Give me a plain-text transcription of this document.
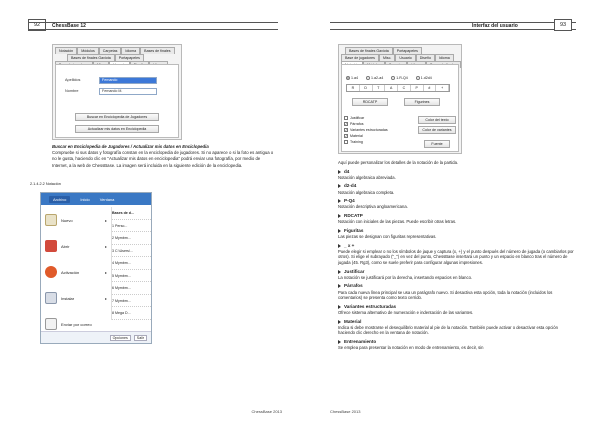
92	ChessBase 12
Notación	Módulos	Carpetas	Idioma	Bases de finales
Bases de finales Gaviota	Portapapeles
Apellidos	Fernando
Nombre	Fernando M.
Buscar en Enciclopedia de Jugadores
Actualizar mis datos en Enciclopedia
Buscar en Enciclopedia de Jugadores / Actualizar mis datos en Enciclopedia
Compruebe si sus datos y fotografía constan en la enciclopedia de jugadores. Si no aparece o si la foto es antigua o no le gusta, haciendo clic en "Actualizar mis datos en enciclopedia" podrá enviar una fotografía, por medio de Internet, a la web de ChessBase. La imagen será incluida en la siguiente edición de la enciclopedia.
2.1.4.2.2 Notación
Archivo	Inicio	Ventana
Nuevo	▸
Abrir	▸
Activación	▸
Instalar	▸
Enviar por correo
Bases de d...
1 Perso...
2 Mymbm...
3 C:\Users\...
4 Mymbm...
5 Mymbm...
6 Mymbm...
7 Mymbm...
8 Mega D...
Opciones	Salir
ChessBase 2013
Interfaz del usuario	93
Bases de finales Gaviota	Portapapeles
Base de jugadores	Misc.	Usuario	Diseño	Idioma
1.a4	1.a2-a4	1.R-Q4	1.d2d4
R	D	T	A	C	P	#	+
RDCATP	Figurines
Justificar
✓ Párrafos
✓ Variantes estructuradas
✓ Material
Training
Color del texto
Color de variantes
Fuente
Aquí puede personalizar los detalles de la notación de la partida.
d4
Notación algebraica abreviada.
d2-d4
Notación algebraica completa.
P-Q4
Notación descriptiva angloamericana.
RDCATP
Notación con iniciales de las piezas. Puede escribir otras letras.
Figuritas
Las piezas se designan con figuritas representativas.
_ x +
Puede elegir si emplear o no los símbolos de jaque y captura (x, +) y el punto después del número de jugada (o cambiarlos por otros). Si elige el subrayado ("_") en vez del punto, ChessBase insertará un punto y un espacio en blanco tras el número de jugada (45. Rg3), como se suele preferir para configurar algunas impresiones.
Justificar
La notación se justificará por la derecha, insertando espacios en blanco.
Párrafos
Para cada nueva línea principal se usa un parágrafo nuevo. Si desactiva esta opción, toda la notación (incluidos los comentarios) se presenta como texto cerrido.
Variantes estructuradas
Ofrece sistema alternativo de numeración e indentación de las variantes.
Material
Indica si debe mostrarse el desequilibrio material al pie de la notación. También puede activar o desactivar esta opción haciendo clic derecho en la ventana de notación.
Entrenamiento
Se emplea para presentar la notación en modo de entrenamiento, es decir, sin
ChessBase 2013
